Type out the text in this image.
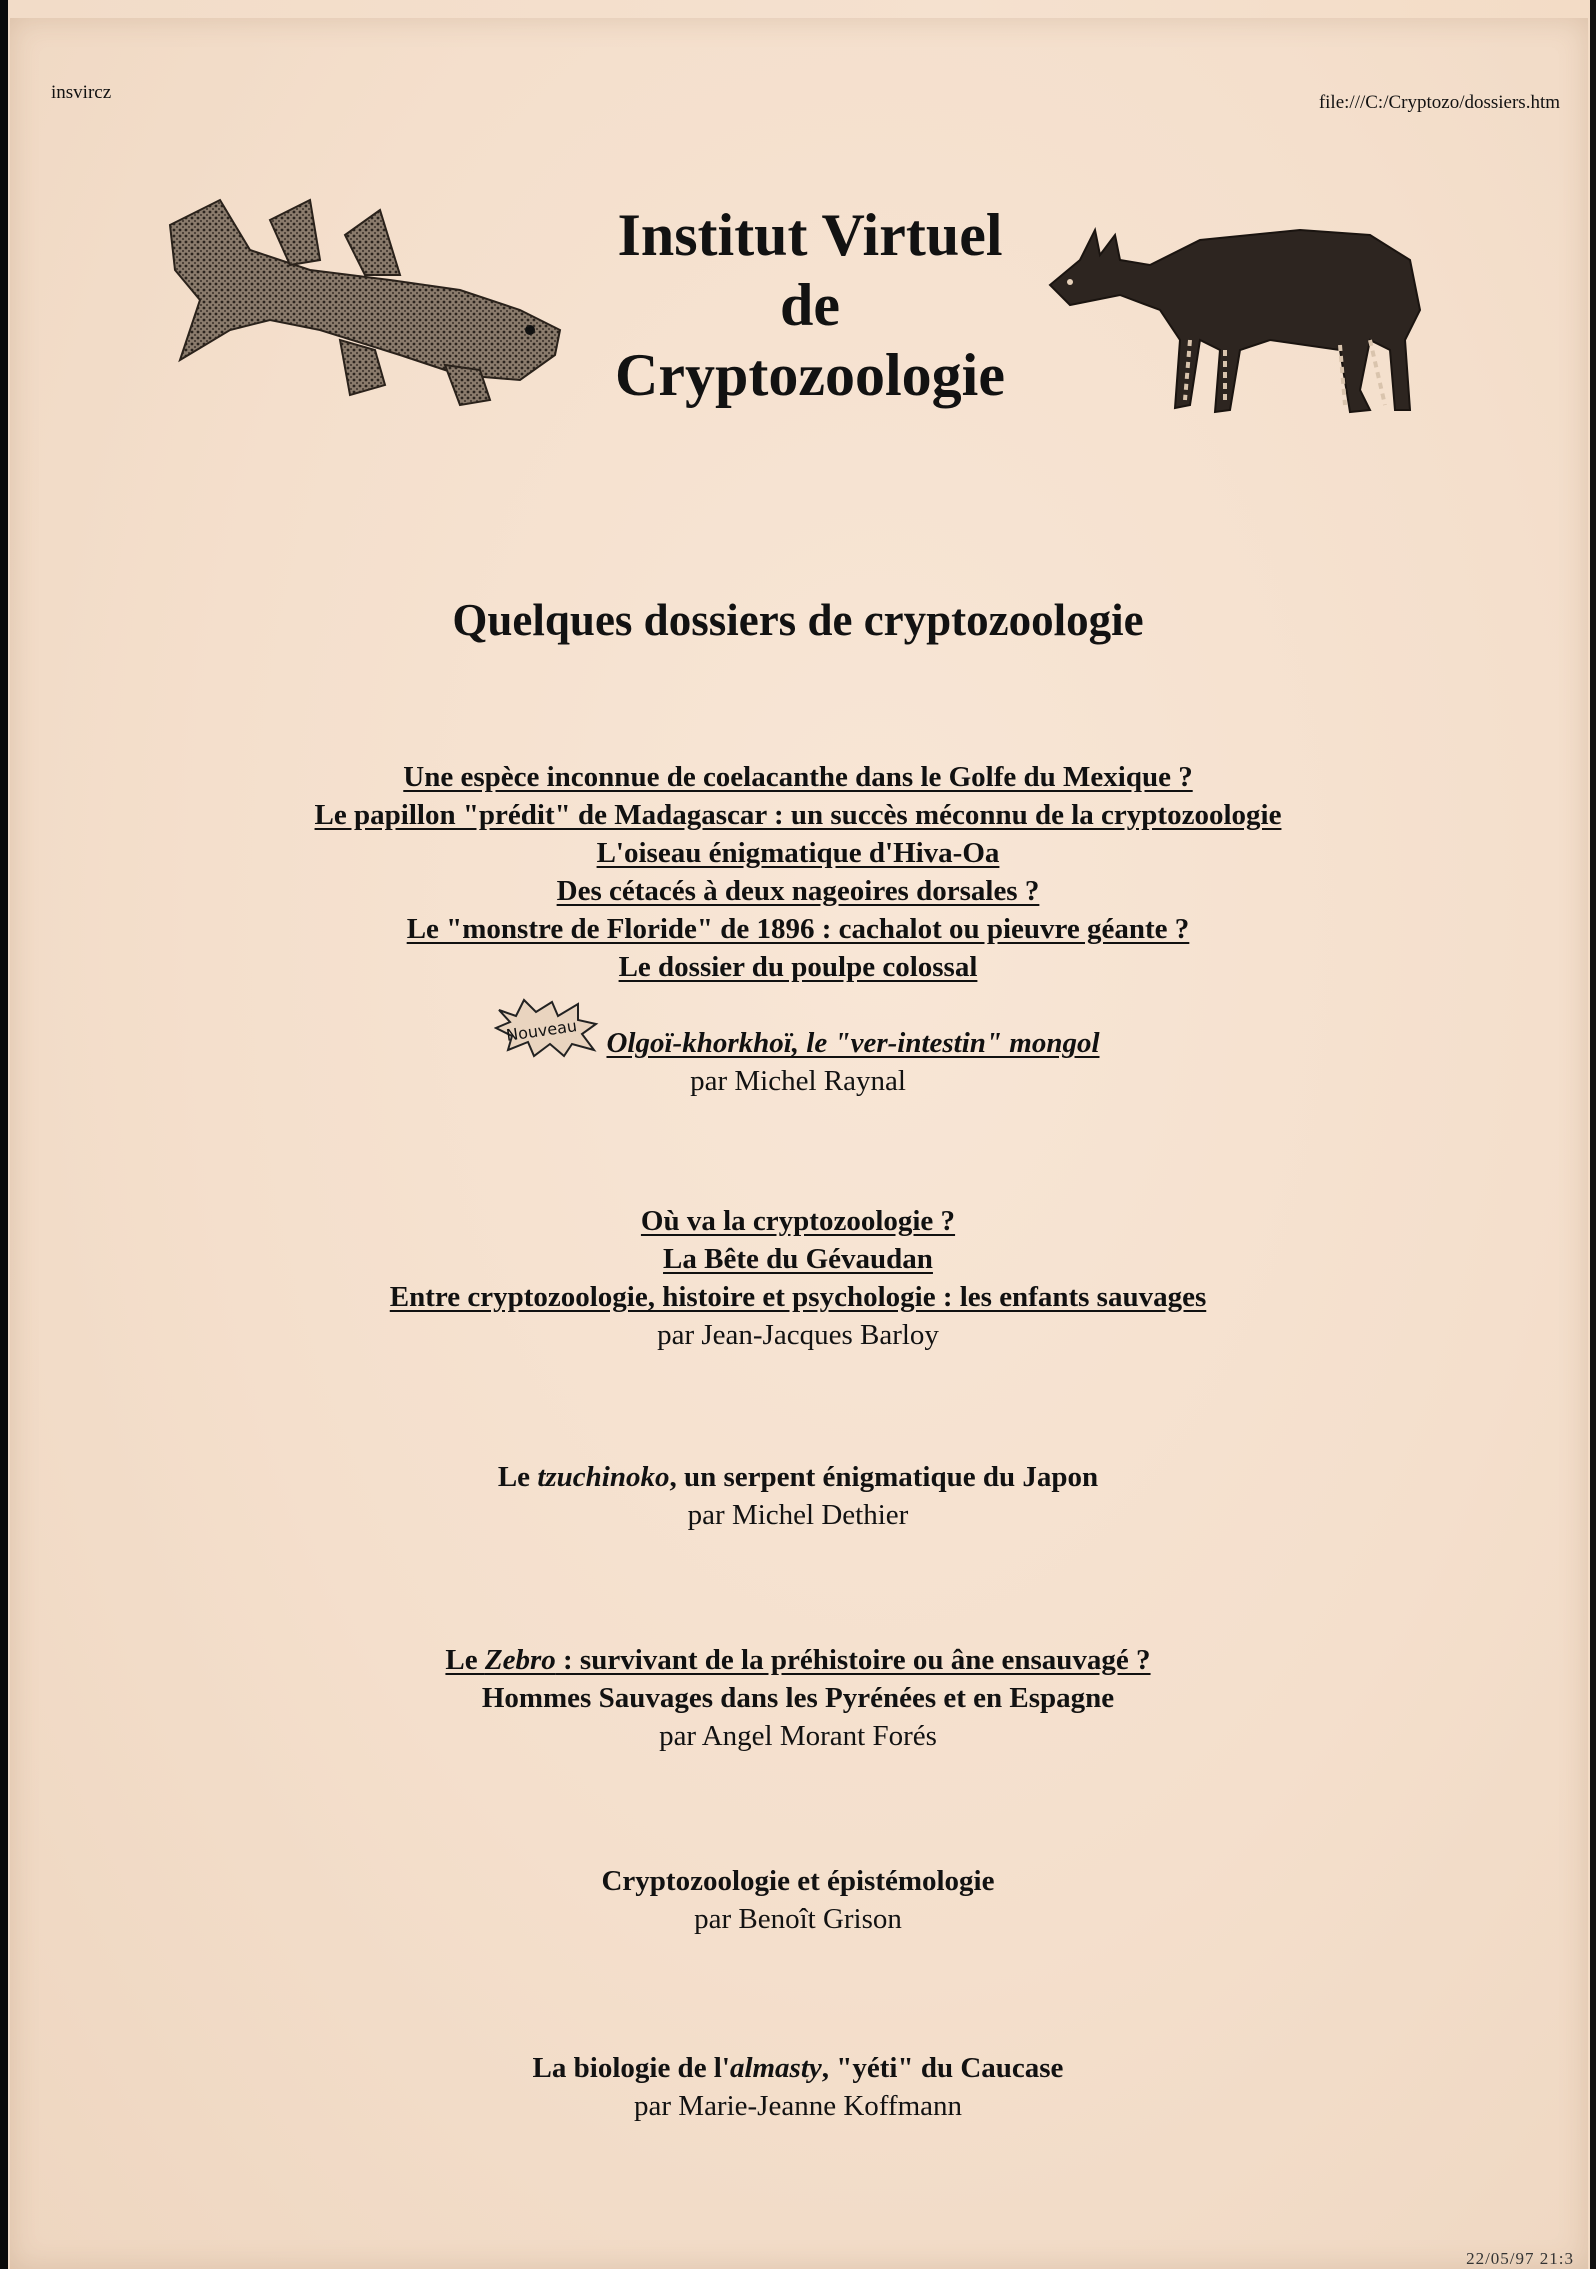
insvircz	file:///C:/Cryptozo/dossiers.htm
Institut Virtuel
de
Cryptozoologie
Quelques dossiers de cryptozoologie
Une espèce inconnue de coelacanthe dans le Golfe du Mexique ?
Le papillon "prédit" de Madagascar : un succès méconnu de la cryptozoologie
L'oiseau énigmatique d'Hiva-Oa
Des cétacés à deux nageoires dorsales ?
Le "monstre de Floride" de 1896 : cachalot ou pieuvre géante ?
Le dossier du poulpe colossal
Nouveau Olgoï-khorkhoï, le "ver-intestin" mongol
par Michel Raynal
Où va la cryptozoologie ?
La Bête du Gévaudan
Entre cryptozoologie, histoire et psychologie : les enfants sauvages
par Jean-Jacques Barloy
Le tzuchinoko, un serpent énigmatique du Japon
par Michel Dethier
Le Zebro : survivant de la préhistoire ou âne ensauvagé ?
Hommes Sauvages dans les Pyrénées et en Espagne
par Angel Morant Forés
Cryptozoologie et épistémologie
par Benoît Grison
La biologie de l'almasty, "yéti" du Caucase
par Marie-Jeanne Koffmann
22/05/97 21:3
